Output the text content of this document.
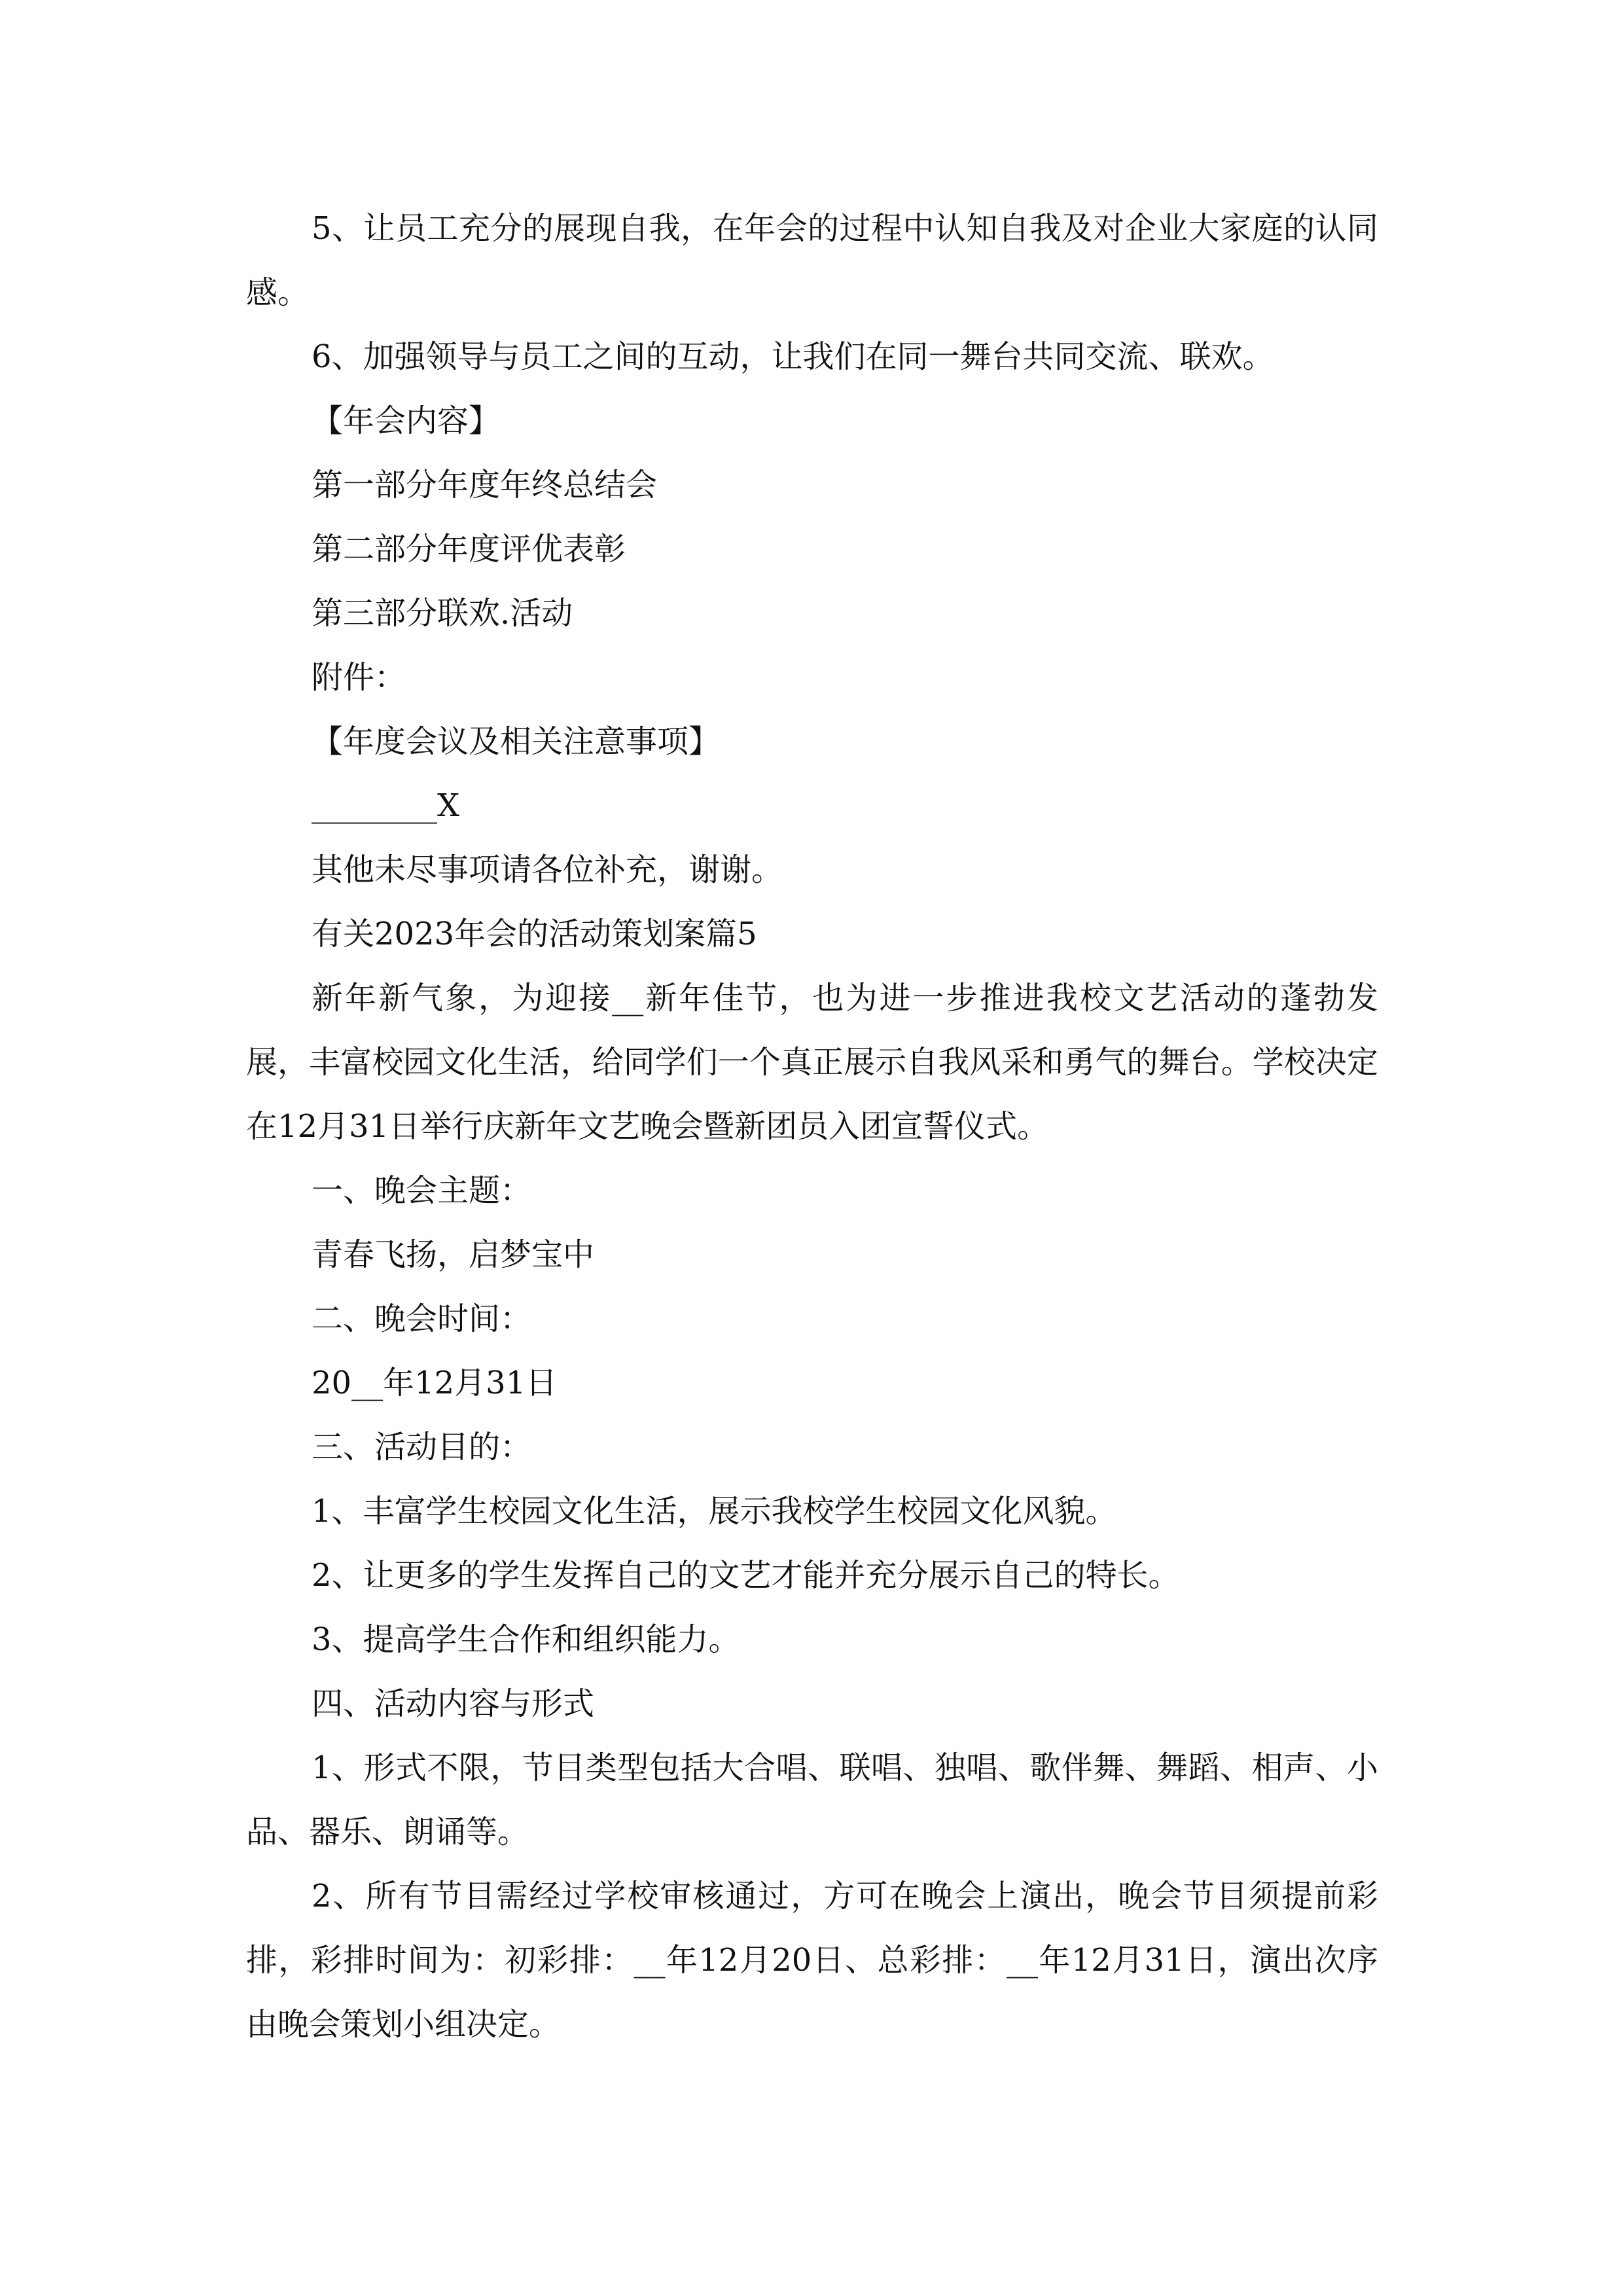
5、让员工充分的展现自我，在年会的过程中认知自我及对企业大家庭的认同感。

6、加强领导与员工之间的互动，让我们在同一舞台共同交流、联欢。

【年会内容】

第一部分年度年终总结会

第二部分年度评优表彰

第三部分联欢.活动

附件：

【年度会议及相关注意事项】

________X

其他未尽事项请各位补充，谢谢。

有关2023年会的活动策划案篇5

新年新气象，为迎接__新年佳节，也为进一步推进我校文艺活动的蓬勃发展，丰富校园文化生活，给同学们一个真正展示自我风采和勇气的舞台。学校决定在12月31日举行庆新年文艺晚会暨新团员入团宣誓仪式。

一、晚会主题：

青春飞扬，启梦宝中

二、晚会时间：

20__年12月31日

三、活动目的：

1、丰富学生校园文化生活，展示我校学生校园文化风貌。

2、让更多的学生发挥自己的文艺才能并充分展示自己的特长。

3、提高学生合作和组织能力。

四、活动内容与形式

1、形式不限，节目类型包括大合唱、联唱、独唱、歌伴舞、舞蹈、相声、小品、器乐、朗诵等。

2、所有节目需经过学校审核通过，方可在晚会上演出，晚会节目须提前彩排，彩排时间为：初彩排：__年12月20日、总彩排：__年12月31日，演出次序由晚会策划小组决定。
